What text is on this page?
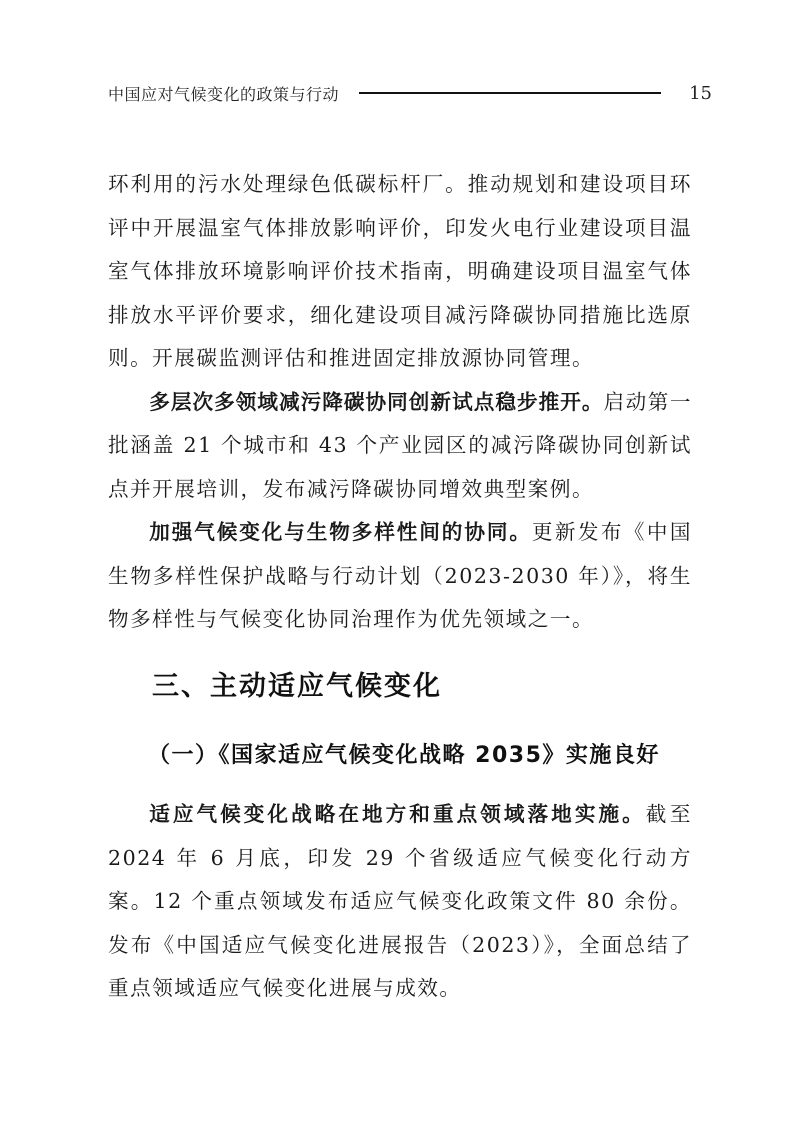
中国应对气候变化的政策与行动	15

环利用的污水处理绿色低碳标杆厂。推动规划和建设项目环评中开展温室气体排放影响评价，印发火电行业建设项目温室气体排放环境影响评价技术指南，明确建设项目温室气体排放水平评价要求，细化建设项目减污降碳协同措施比选原则。开展碳监测评估和推进固定排放源协同管理。

多层次多领域减污降碳协同创新试点稳步推开。启动第一批涵盖 21 个城市和 43 个产业园区的减污降碳协同创新试点并开展培训，发布减污降碳协同增效典型案例。

加强气候变化与生物多样性间的协同。更新发布《中国生物多样性保护战略与行动计划（2023-2030 年）》，将生物多样性与气候变化协同治理作为优先领域之一。

三、主动适应气候变化
（一）《国家适应气候变化战略 2035》实施良好

适应气候变化战略在地方和重点领域落地实施。截至 2024 年 6 月底，印发 29 个省级适应气候变化行动方案。12 个重点领域发布适应气候变化政策文件 80 余份。发布《中国适应气候变化进展报告（2023）》，全面总结了重点领域适应气候变化进展与成效。
